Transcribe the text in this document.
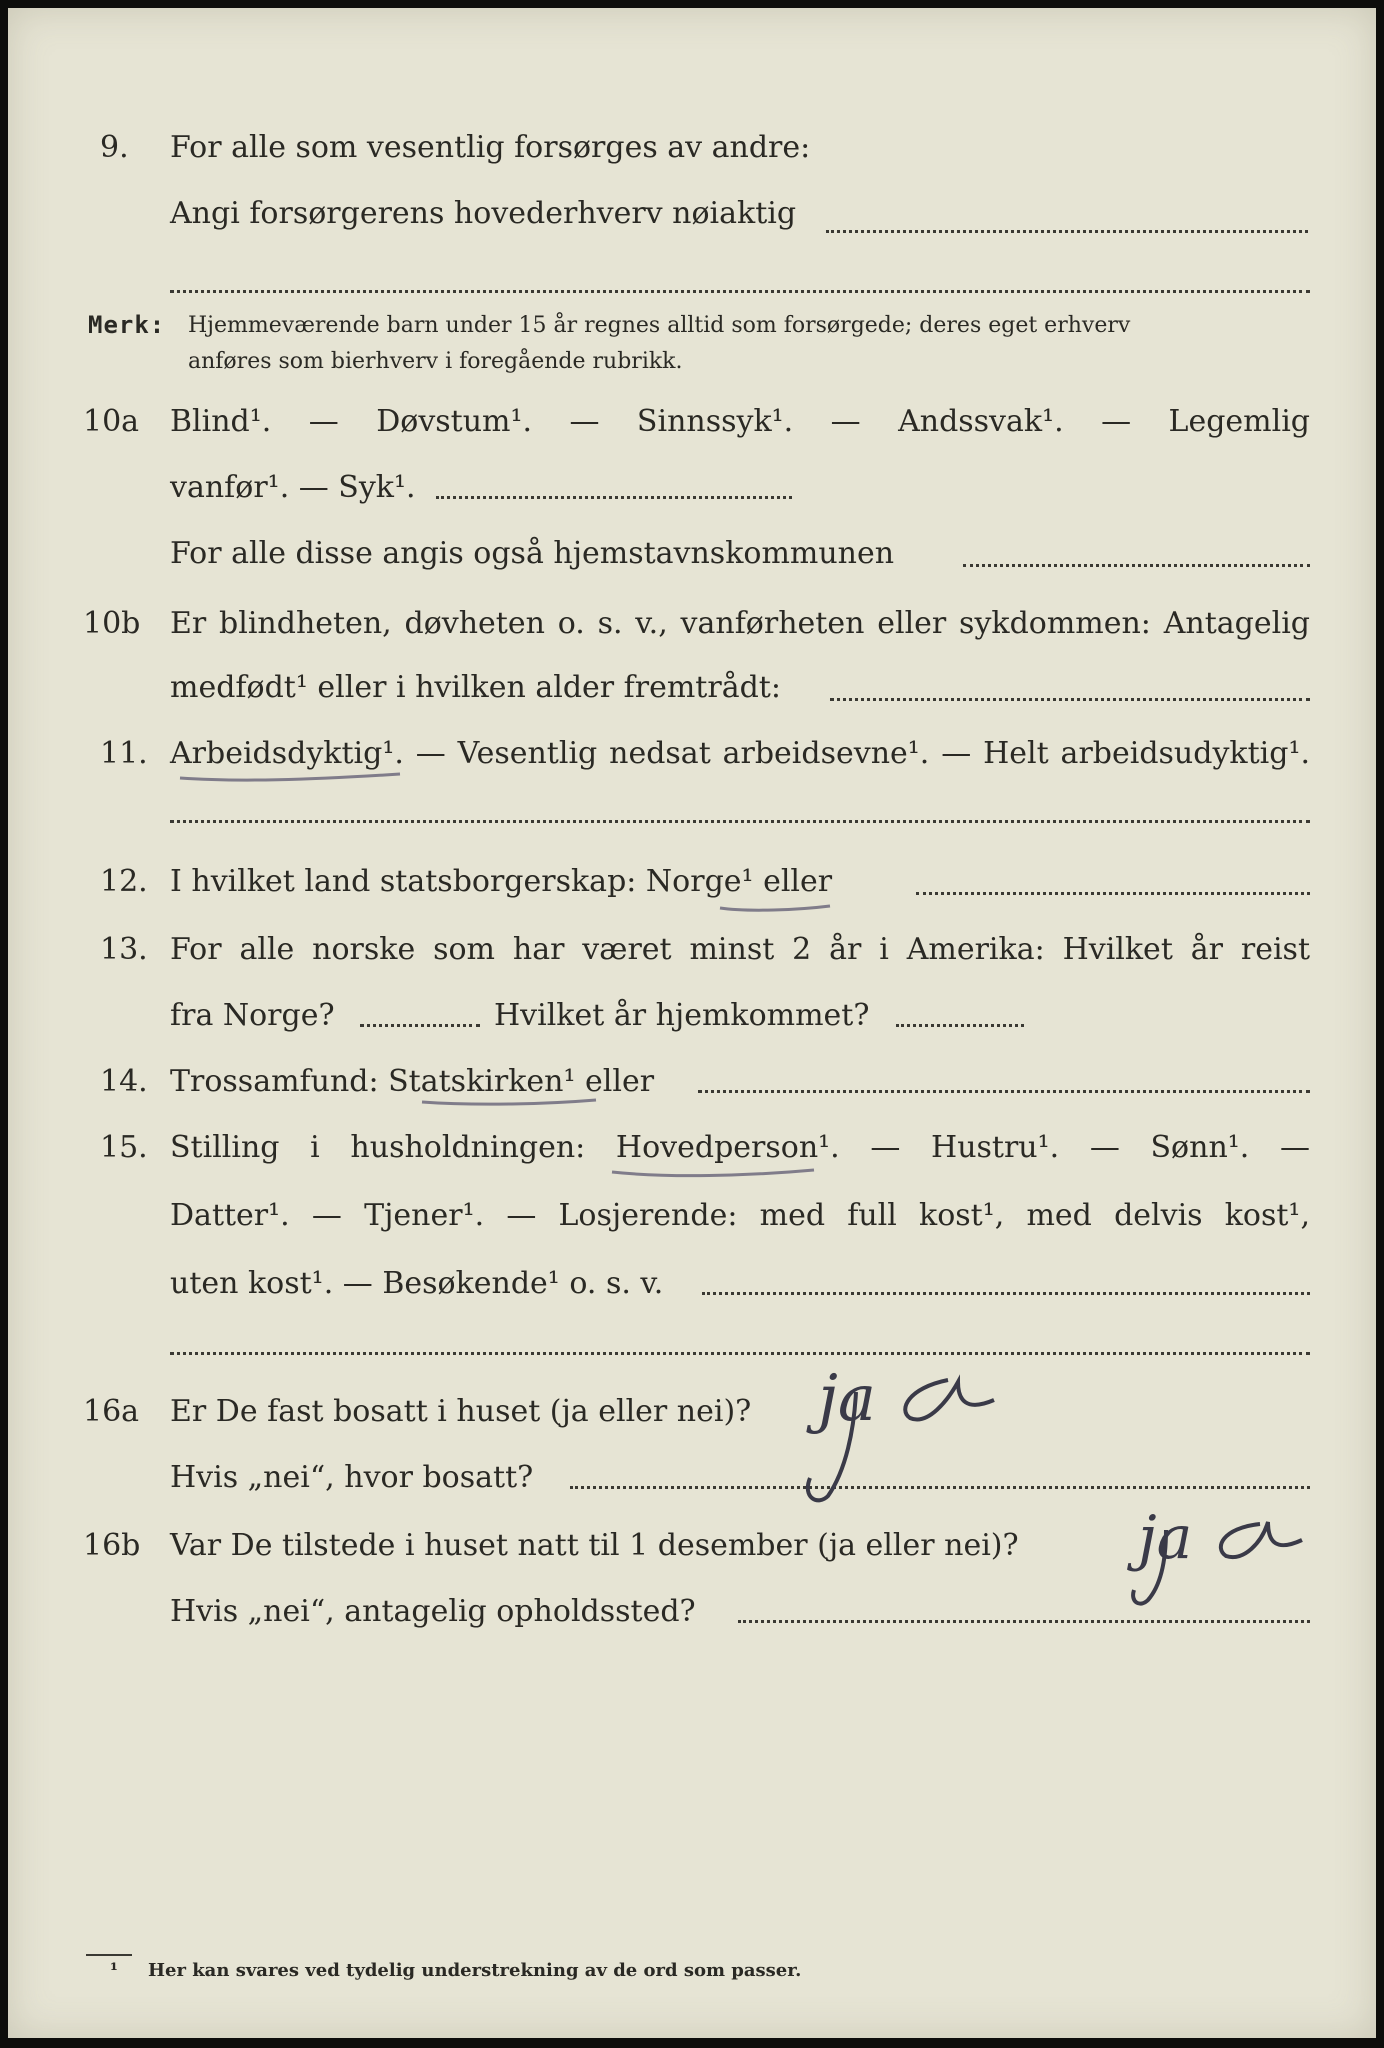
9. For alle som vesentlig forsørges av andre:
Angi forsørgerens hovederhverv nøiaktig
Merk: Hjemmeværende barn under 15 år regnes alltid som forsørgede; deres eget erhverv
anføres som bierhverv i foregående rubrikk.
10a Blind¹. — Døvstum¹. — Sinnssyk¹. — Andssvak¹. — Legemlig
vanfør¹. — Syk¹.
For alle disse angis også hjemstavnskommunen
10b Er blindheten, døvheten o. s. v., vanførheten eller sykdommen: Antagelig
medfødt¹ eller i hvilken alder fremtrådt:
11. Arbeidsdyktig¹. — Vesentlig nedsat arbeidsevne¹. — Helt arbeidsudyktig¹.
12. I hvilket land statsborgerskap: Norge¹ eller
13. For alle norske som har været minst 2 år i Amerika: Hvilket år reist
fra Norge?	Hvilket år hjemkommet?
14. Trossamfund: Statskirken¹ eller
15. Stilling i husholdningen: Hovedperson¹. — Hustru¹. — Sønn¹. —
Datter¹. — Tjener¹. — Losjerende: med full kost¹, med delvis kost¹,
uten kost¹. — Besøkende¹ o. s. v.
16a Er De fast bosatt i huset (ja eller nei)?
Hvis „nei“, hvor bosatt?
16b Var De tilstede i huset natt til 1 desember (ja eller nei)?
Hvis „nei“, antagelig opholdssted?
ja
ja
¹ Her kan svares ved tydelig understrekning av de ord som passer.
